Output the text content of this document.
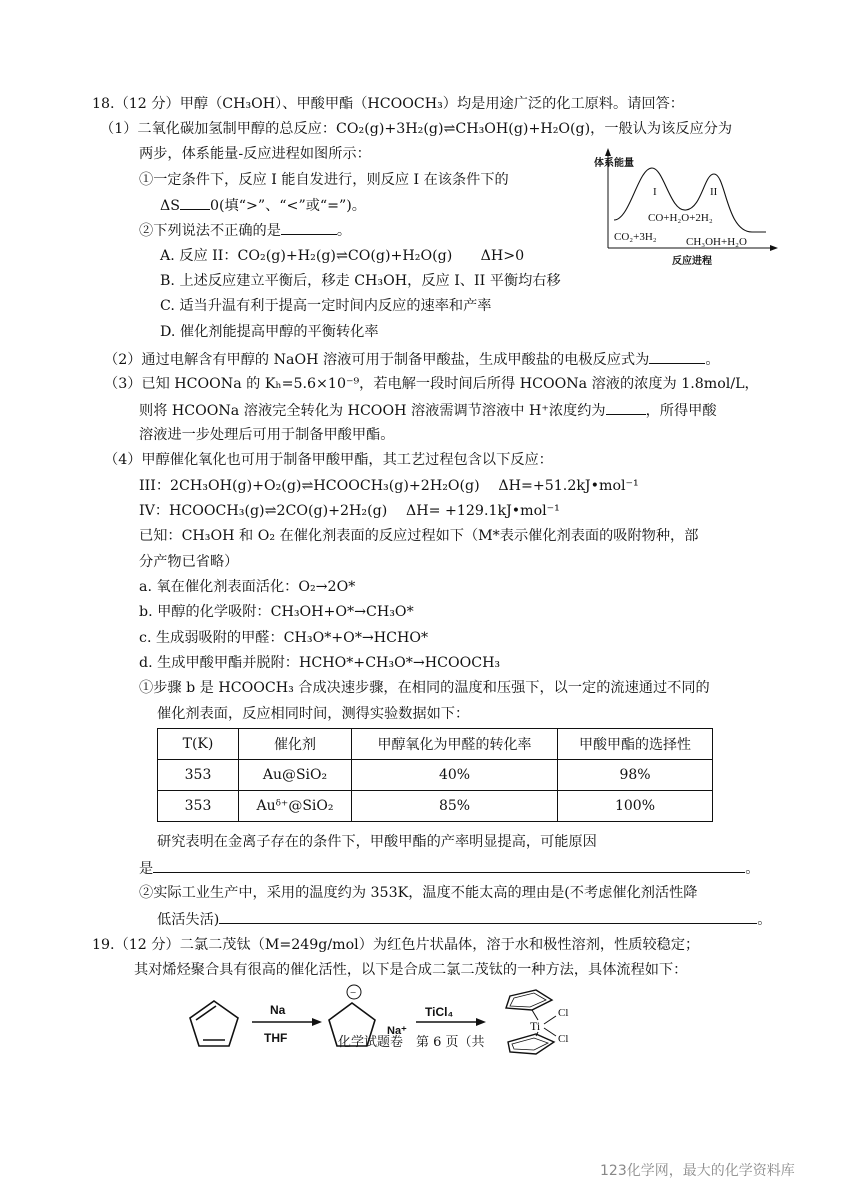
18.（12 分）甲醇（CH₃OH）、甲酸甲酯（HCOOCH₃）均是用途广泛的化工原料。请回答：
（1）二氧化碳加氢制甲醇的总反应：CO₂(g)+3H₂(g)⇌CH₃OH(g)+H₂O(g)，一般认为该反应分为
两步，体系能量-反应进程如图所示：
①一定条件下，反应 I 能自发进行，则反应 I 在该条件下的
ΔS 0(填“>”、“<”或“=”)。
②下列说法不正确的是	。
A. 反应 II：CO₂(g)+H₂(g)⇌CO(g)+H₂O(g)　　ΔH>0
B. 上述反应建立平衡后，移走 CH₃OH，反应 I、II 平衡均右移
C. 适当升温有利于提高一定时间内反应的速率和产率
D. 催化剂能提高甲醇的平衡转化率
体系能量
I	II
CO+H₂O+2H₂
CO₂+3H₂	CH₃OH+H₂O
反应进程
（2）通过电解含有甲醇的 NaOH 溶液可用于制备甲酸盐，生成甲酸盐的电极反应式为	。
（3）已知 HCOONa 的 Kₕ=5.6×10⁻⁹，若电解一段时间后所得 HCOONa 溶液的浓度为 1.8mol/L，
则将 HCOONa 溶液完全转化为 HCOOH 溶液需调节溶液中 H⁺浓度约为	，所得甲酸
溶液进一步处理后可用于制备甲酸甲酯。
（4）甲醇催化氧化也可用于制备甲酸甲酯，其工艺过程包含以下反应：
III：2CH₃OH(g)+O₂(g)⇌HCOOCH₃(g)+2H₂O(g)　 ΔH=+51.2kJ•mol⁻¹
IV：HCOOCH₃(g)⇌2CO(g)+2H₂(g)　 ΔH= +129.1kJ•mol⁻¹
已知：CH₃OH 和 O₂ 在催化剂表面的反应过程如下（M*表示催化剂表面的吸附物种，部
分产物已省略）
a. 氧在催化剂表面活化：O₂→2O*
b. 甲醇的化学吸附：CH₃OH+O*→CH₃O*
c. 生成弱吸附的甲醛：CH₃O*+O*→HCHO*
d. 生成甲酸甲酯并脱附：HCHO*+CH₃O*→HCOOCH₃
①步骤 b 是 HCOOCH₃ 合成决速步骤，在相同的温度和压强下，以一定的流速通过不同的
催化剂表面，反应相同时间，测得实验数据如下：
T(K)	催化剂	甲醇氧化为甲醛的转化率	甲酸甲酯的选择性
353	Au@SiO₂	40%	98%
353	Auᵟ⁺@SiO₂	85%	100%
研究表明在金离子存在的条件下，甲酸甲酯的产率明显提高，可能原因
是	。
②实际工业生产中，采用的温度约为 353K，温度不能太高的理由是(不考虑催化剂活性降
低活失活)	。
19.（12 分）二氯二茂钛（M=249g/mol）为红色片状晶体，溶于水和极性溶剂，性质较稳定；
其对烯烃聚合具有很高的催化活性，以下是合成二氯二茂钛的一种方法，具体流程如下：
Na
THF
−
Na⁺
TiCl₄
Ti
Cl
Cl
化学试题卷　第 6 页（共
123化学网，最大的化学资料库
